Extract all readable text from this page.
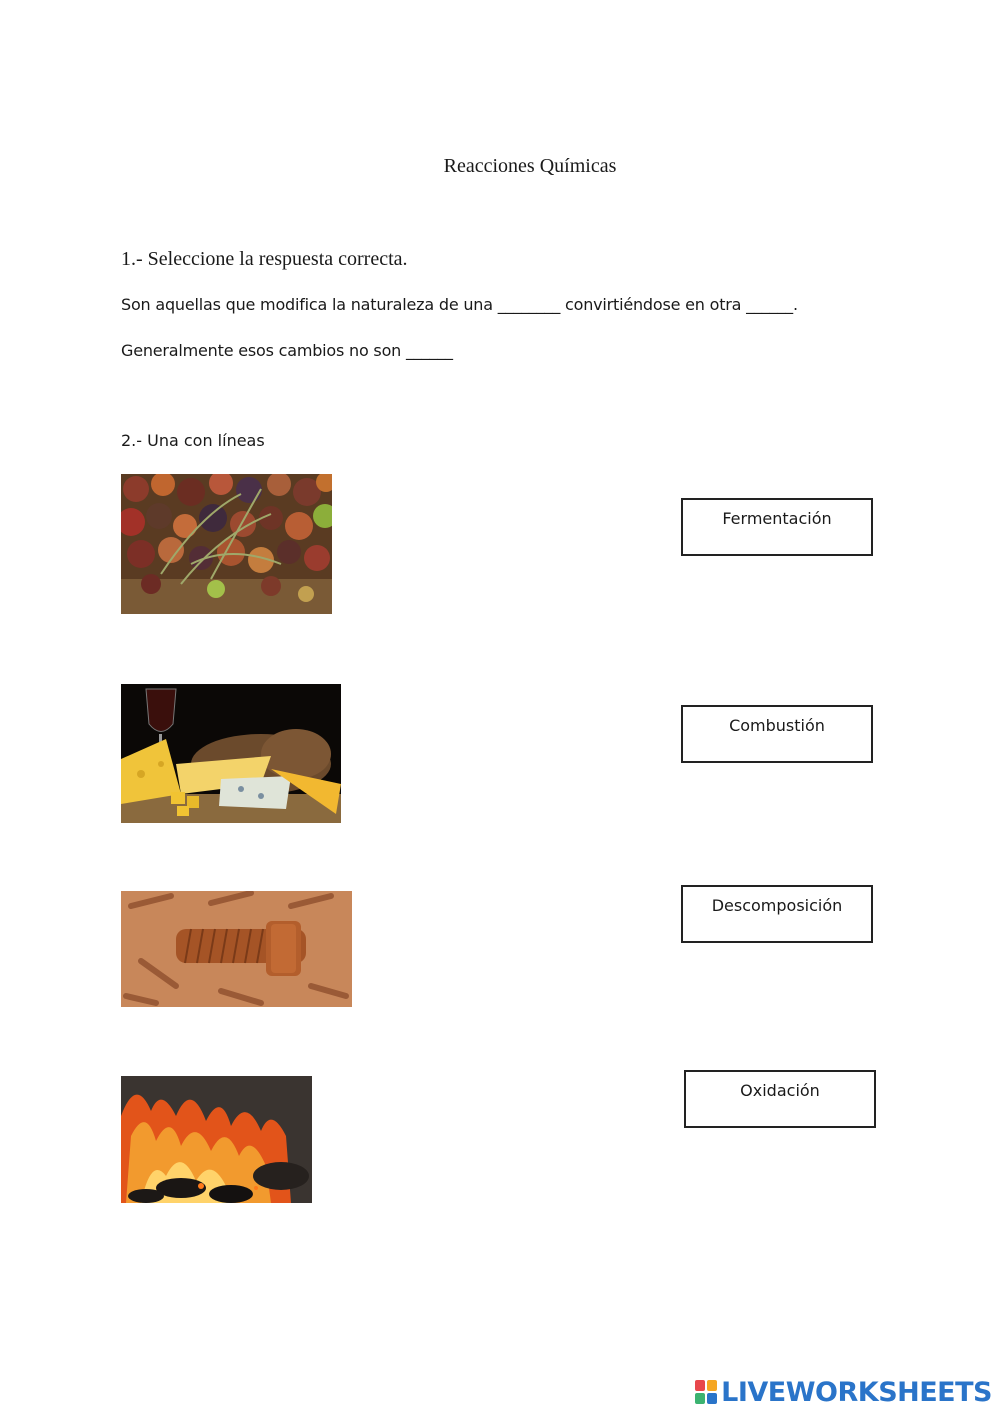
Reacciones Químicas
1.- Seleccione la respuesta correcta.
Son aquellas que modifica la naturaleza de una ________ convirtiéndose en otra ______.
Generalmente esos cambios no son ______
2.- Una con líneas
Fermentación
Combustión
Descomposición
Oxidación
LIVEWORKSHEETS
